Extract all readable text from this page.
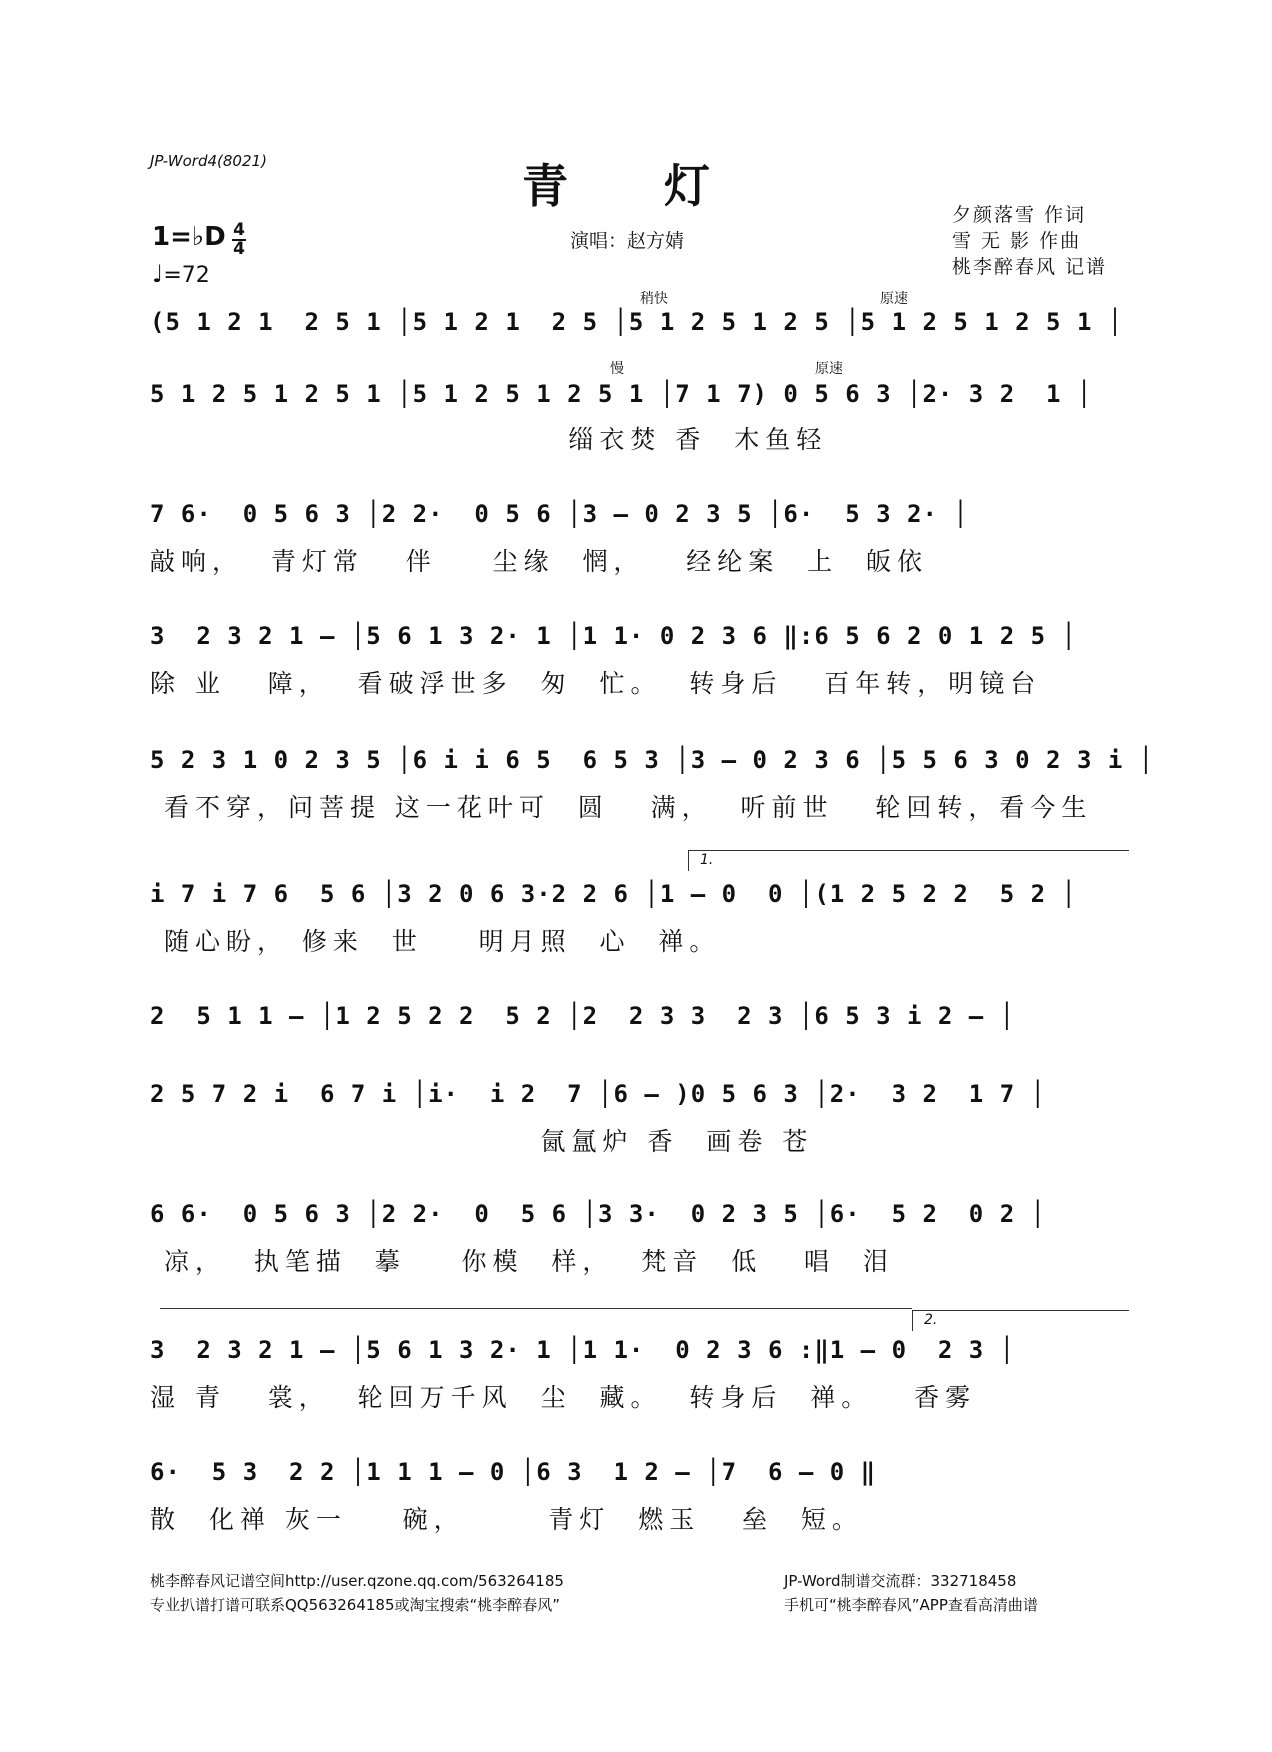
JP-Word4(8021)	青 灯
演唱：赵方婧
夕颜落雪 作词
雪 无 影 作曲
桃李醉春风 记谱
1=♭D 4
4
♩=72
稍快	原速
慢	原速
1.
2.
(5 1 2 1  2 5 1 │5 1 2 1  2 5 │5 1 2 5 1 2 5 │5 1 2 5 1 2 5 1 │
5 1 2 5 1 2 5 1 │5 1 2 5 1 2 5 1 │7 1 7) 0 5 6 3 │2· 3 2  1 │
缁衣焚 香  木鱼轻
7 6·  0 5 6 3 │2 2·  0 5 6 │3 – 0 2 3 5 │6·  5 3 2· │
敲响，  青灯常   伴    尘缘  惘，   经纶案  上  皈依
3  2 3 2 1 – │5 6 1 3 2· 1 │1 1· 0 2 3 6 ‖:6 5 6 2 0 1 2 5 │
除 业   障，  看破浮世多  匆  忙。  转身后   百年转，明镜台
5 2 3 1 0 2 3 5 │6 i i 6 5  6 5 3 │3 – 0 2 3 6 │5 5 6 3 0 2 3 i │
看不穿，问菩提 这一花叶可  圆   满，  听前世   轮回转，看今生
i 7 i 7 6  5 6 │3 2 0 6 3·2 2 6 │1 – 0  0 │(1 2 5 2 2  5 2 │
随心盼， 修来  世    明月照  心  禅。
2  5 1 1 – │1 2 5 2 2  5 2 │2  2 3 3  2 3 │6 5 3 i 2 – │
2 5 7 2 i  6 7 i │i·  i 2  7 │6 – )0 5 6 3 │2·  3 2  1 7 │
氤氲炉 香  画卷 苍
6 6·  0 5 6 3 │2 2·  0  5 6 │3 3·  0 2 3 5 │6·  5 2  0 2 │
凉，  执笔描  摹    你模  样，  梵音  低   唱  泪
3  2 3 2 1 – │5 6 1 3 2· 1 │1 1·  0 2 3 6 :‖1 – 0  2 3 │
湿 青   裳，  轮回万千风  尘  藏。  转身后  禅。   香雾
6·  5 3  2 2 │1 1 1 – 0 │6 3  1 2 – │7  6 – 0 ‖
散  化禅 灰一    碗，      青灯  燃玉   垒  短。
桃李醉春风记谱空间http://user.qzone.qq.com/563264185
专业扒谱打谱可联系QQ563264185或淘宝搜索“桃李醉春风”
JP-Word制谱交流群：332718458
手机可“桃李醉春风”APP查看高清曲谱
